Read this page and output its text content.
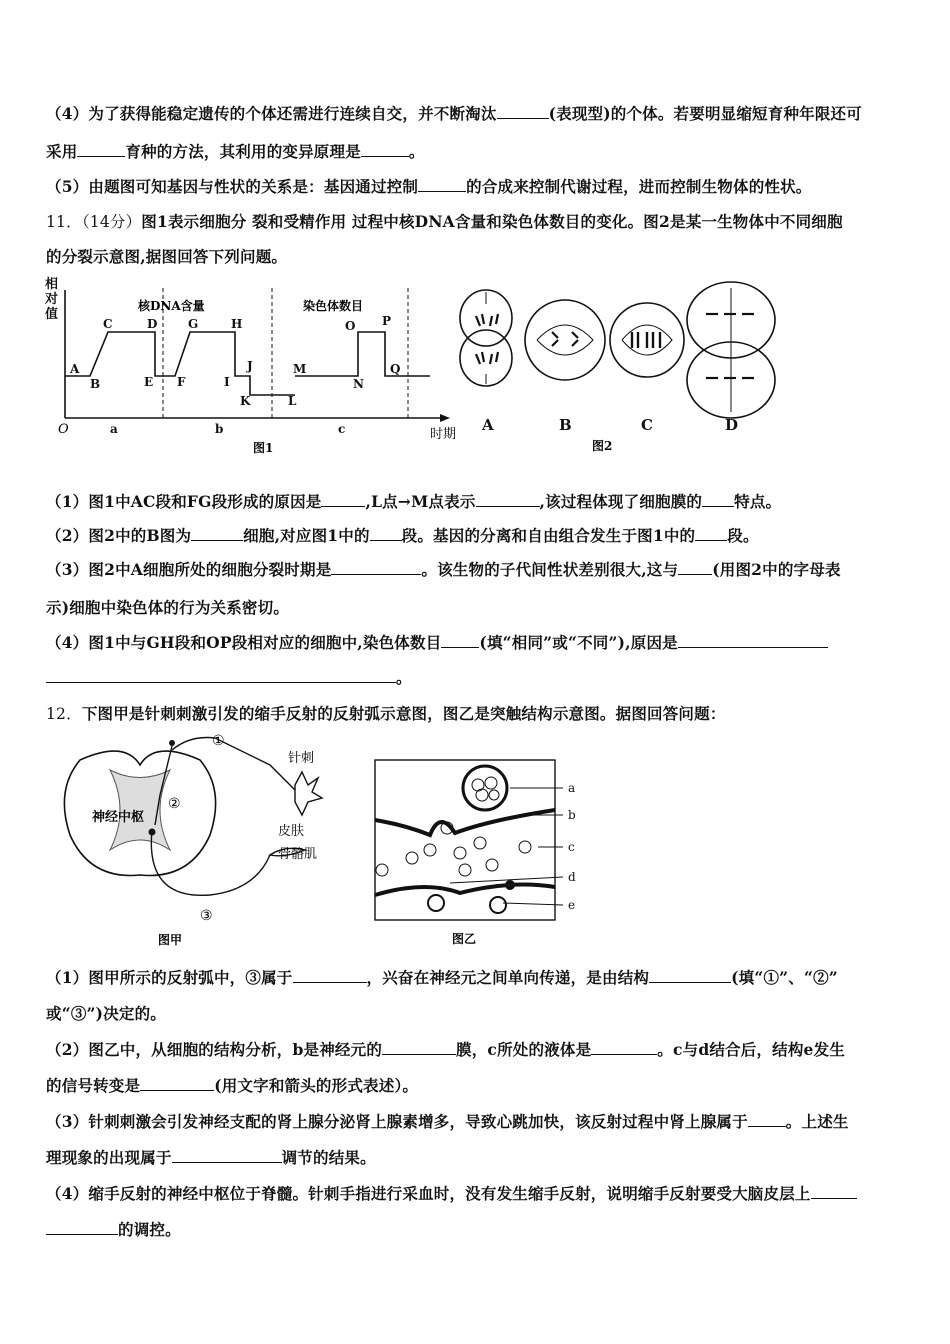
（4）为了获得能稳定遗传的个体还需进行连续自交，并不断淘汰	(表现型)的个体。若要明显缩短育种年限还可
采用	育种的方法，其利用的变异原理是	。
（5）由题图可知基因与性状的关系是：基因通过控制	的合成来控制代谢过程，进而控制生物体的性状。
11．（14分）图1表示细胞分 裂和受精作用 过程中核DNA含量和染色体数目的变化。图2是某一生物体中不同细胞
的分裂示意图,据图回答下列问题。
相
对
值
O	时期
核DNA含量	染色体数目
A
B
C	D
E F
G	H
I
J
K	L
M
N
O P
Q
a	b	c
图1
A	B	C	D
图2
（1）图1中AC段和FG段形成的原因是	,L点→M点表示	,该过程体现了细胞膜的 特点。
（2）图2中的B图为	细胞,对应图1中的 段。基因的分离和自由组合发生于图1中的 段。
（3）图2中A细胞所处的细胞分裂时期是	。该生物的子代间性状差别很大,这与 (用图2中的字母表
示)细胞中染色体的行为关系密切。
（4）图1中与GH段和OP段相对应的细胞中,染色体数目 (填“相同”或“不同”),原因是
。
12．下图甲是针刺刺激引发的缩手反射的反射弧示意图，图乙是突触结构示意图。据图回答问题：
神经中枢
①
②
③
针刺
皮肤
骨骼肌
图甲
a
b
c
d
e
图乙
（1）图甲所示的反射弧中，③属于	，兴奋在神经元之间单向传递，是由结构	(填“①”、“②”
或“③”)决定的。
（2）图乙中，从细胞的结构分析，b是神经元的	膜，c所处的液体是	。c与d结合后，结构e发生
的信号转变是	(用文字和箭头的形式表述）。
（3）针刺刺激会引发神经支配的肾上腺分泌肾上腺素增多，导致心跳加快，该反射过程中肾上腺属于 。上述生
理现象的出现属于	调节的结果。
（4）缩手反射的神经中枢位于脊髓。针刺手指进行采血时，没有发生缩手反射，说明缩手反射要受大脑皮层上
的调控。
